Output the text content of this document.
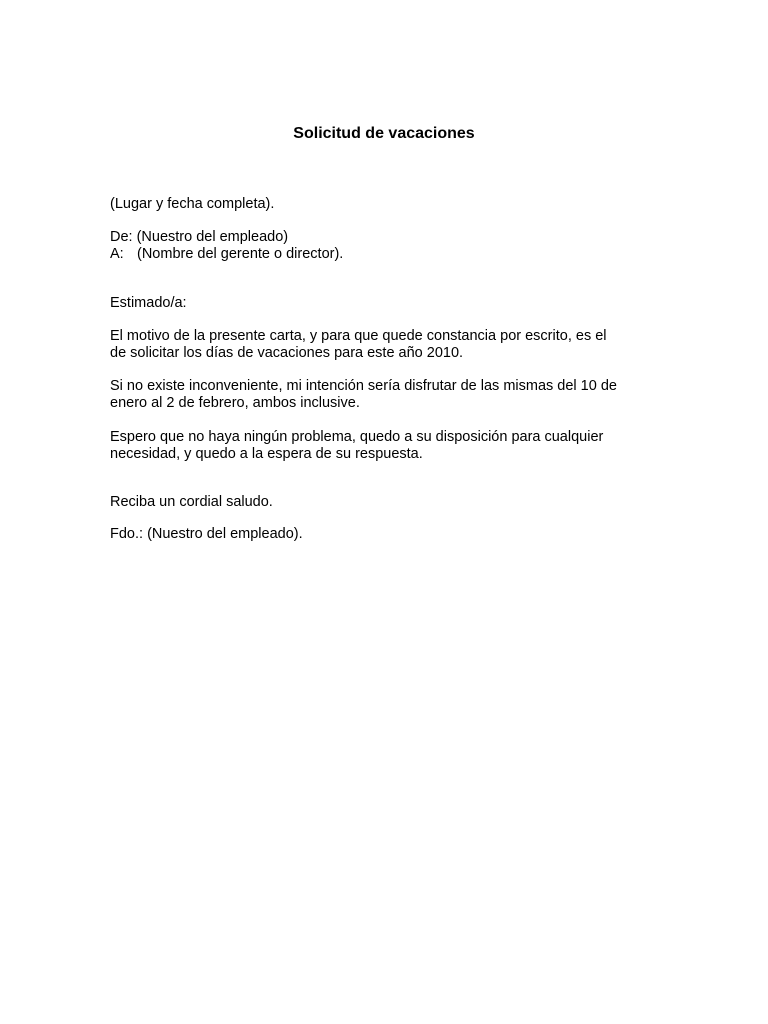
Solicitud de vacaciones

(Lugar y fecha completa).

De: (Nuestro del empleado)

A: (Nombre del gerente o director).

Estimado/a:

El motivo de la presente carta, y para que quede constancia por escrito, es el
de solicitar los días de vacaciones para este año 2010.

Si no existe inconveniente, mi intención sería disfrutar de las mismas del 10 de
enero al 2 de febrero, ambos inclusive.

Espero que no haya ningún problema, quedo a su disposición para cualquier
necesidad, y quedo a la espera de su respuesta.

Reciba un cordial saludo.

Fdo.: (Nuestro del empleado).
